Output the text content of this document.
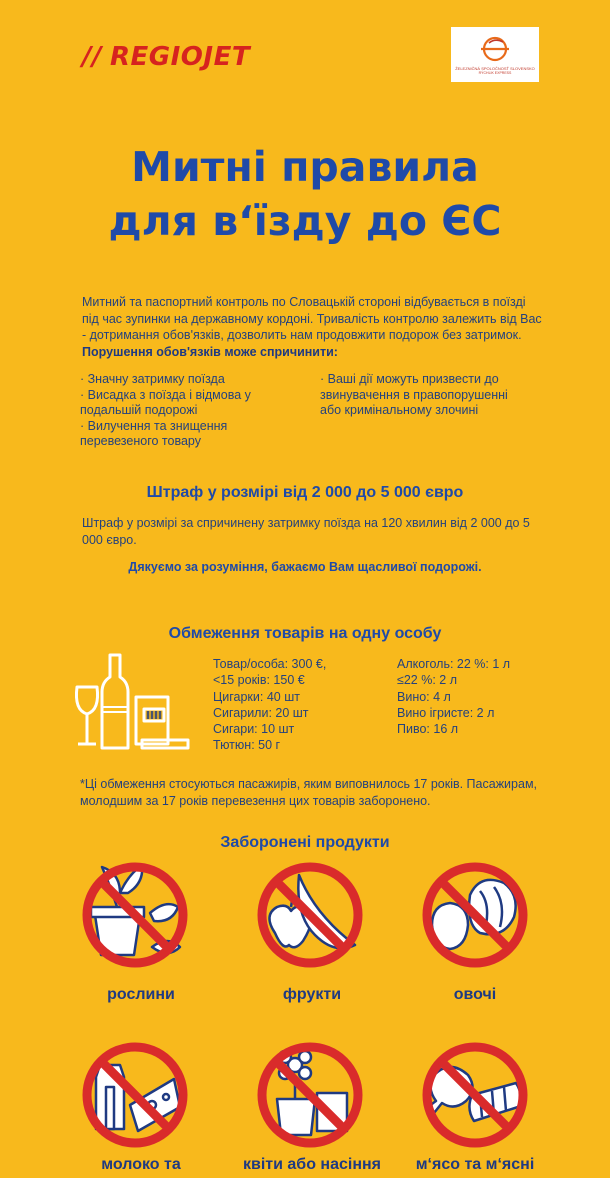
// REGIOJET	ŽELEZNIČNÁ SPOLOČNOSŤ SLOVENSKO
RÝCHLIK EXPRESS
Митні правила
для в‘їзду до ЄС
Митний та паспортний контроль по Словацькій стороні відбувається в поїзді під час зупинки на державному кордоні. Тривалість контролю залежить від Вас - дотримання обов'язків, дозволить нам продовжити подорож без затримок. Порушення обов'язків може спричинити:
· Значну затримку поїзда
· Висадка з поїзда і відмова у подальшій подорожі
· Вилучення та знищення перевезеного товару
· Ваші дії можуть призвести до звинувачення в правопорушенні або кримінальному злочині
Штраф у розмірі від 2 000 до 5 000 євро
Штраф у розмірі за спричинену затримку поїзда на 120 хвилин від 2 000 до 5 000 євро.
Дякуємо за розуміння, бажаємо Вам щасливої подорожі.
Обмеження товарів на одну особу
Товар/особа: 300 €,
<15 років: 150 €
Цигарки: 40 шт
Сигарили: 20 шт
Сигари: 10 шт
Тютюн: 50 г
Алкоголь: 22 %: 1 л
≤22 %: 2 л
Вино: 4 л
Вино ігристе: 2 л
Пиво: 16 л
*Ці обмеження стосуються пасажирів, яким виповнилось 17 років. Пасажирам, молодшим за 17 років перевезення цих товарів заборонено.
Заборонені продукти
рослини	фрукти	овочі
молоко та	квіти або насіння	м‘ясо та м‘ясні
